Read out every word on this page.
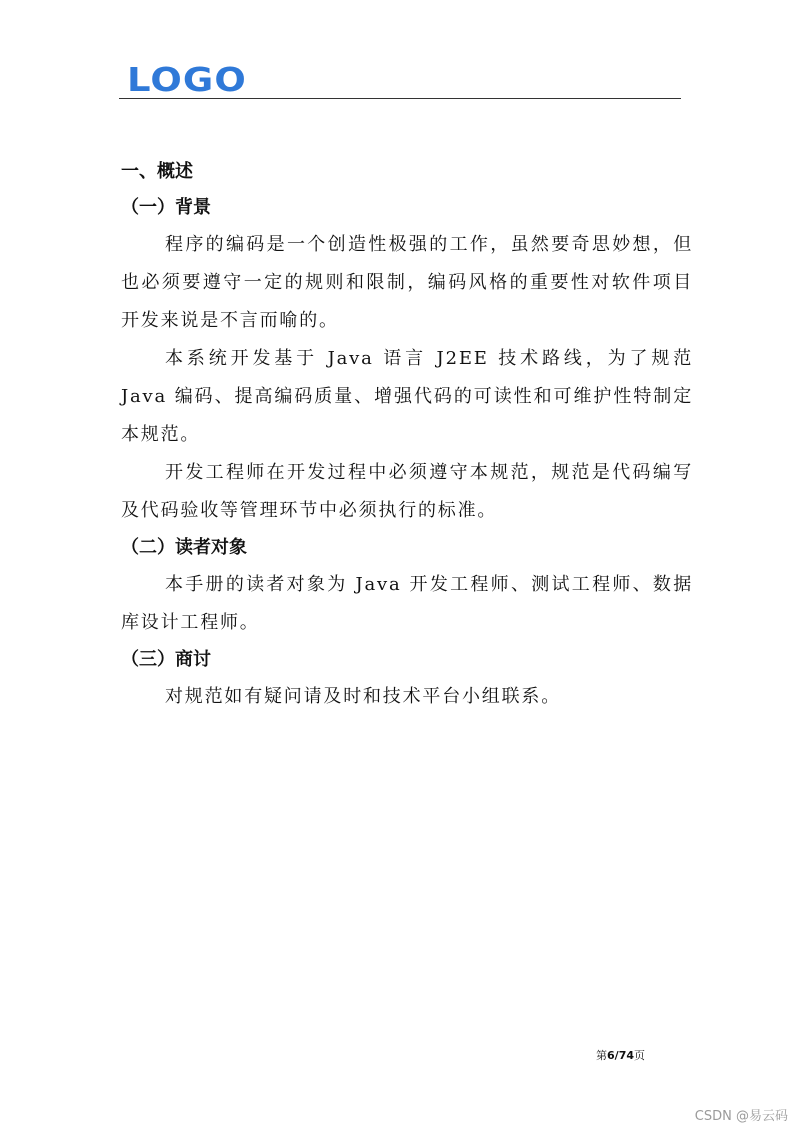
LOGO
一、概述
（一）背景

程序的编码是一个创造性极强的工作，虽然要奇思妙想，但也必须要遵守一定的规则和限制，编码风格的重要性对软件项目开发来说是不言而喻的。

本系统开发基于 Java 语言 J2EE 技术路线，为了规范 Java 编码、提高编码质量、增强代码的可读性和可维护性特制定本规范。

开发工程师在开发过程中必须遵守本规范，规范是代码编写及代码验收等管理环节中必须执行的标准。

（二）读者对象

本手册的读者对象为 Java 开发工程师、测试工程师、数据库设计工程师。

（三）商讨

对规范如有疑问请及时和技术平台小组联系。

第6/74页
CSDN @易云码
